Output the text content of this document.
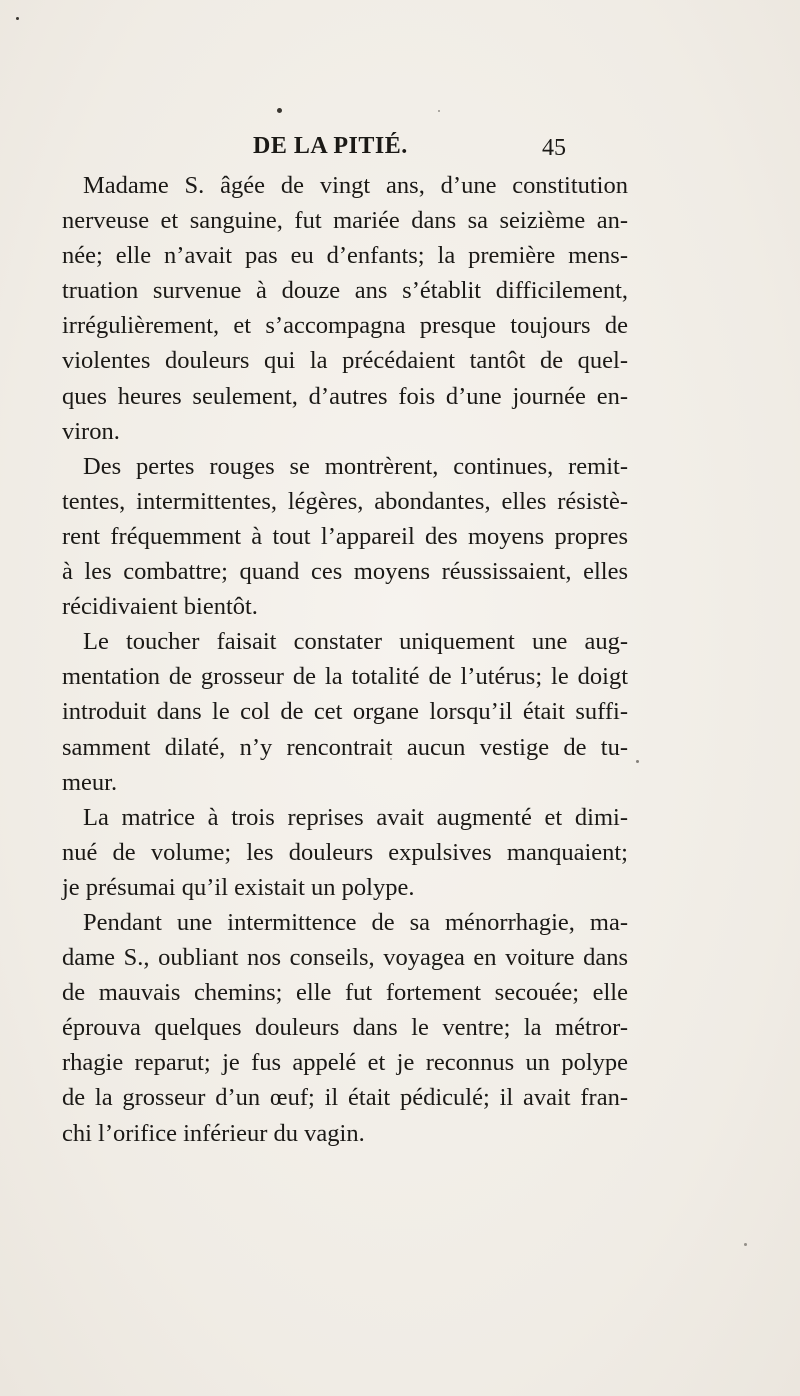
DE LA PITIÉ.	45
Madame S. âgée de vingt ans, d’une constitution
nerveuse et sanguine, fut mariée dans sa seizième an-
née; elle n’avait pas eu d’enfants; la première mens-
truation survenue à douze ans s’établit difficilement,
irrégulièrement, et s’accompagna presque toujours de
violentes douleurs qui la précédaient tantôt de quel-
ques heures seulement, d’autres fois d’une journée en-
viron.
Des pertes rouges se montrèrent, continues, remit-
tentes, intermittentes, légères, abondantes, elles résistè-
rent fréquemment à tout l’appareil des moyens propres
à les combattre; quand ces moyens réussissaient, elles
récidivaient bientôt.
Le toucher faisait constater uniquement une aug-
mentation de grosseur de la totalité de l’utérus; le doigt
introduit dans le col de cet organe lorsqu’il était suffi-
samment dilaté, n’y rencontrait aucun vestige de tu-
meur.
La matrice à trois reprises avait augmenté et dimi-
nué de volume; les douleurs expulsives manquaient;
je présumai qu’il existait un polype.
Pendant une intermittence de sa ménorrhagie, ma-
dame S., oubliant nos conseils, voyagea en voiture dans
de mauvais chemins; elle fut fortement secouée; elle
éprouva quelques douleurs dans le ventre; la métror-
rhagie reparut; je fus appelé et je reconnus un polype
de la grosseur d’un œuf; il était pédiculé; il avait fran-
chi l’orifice inférieur du vagin.
